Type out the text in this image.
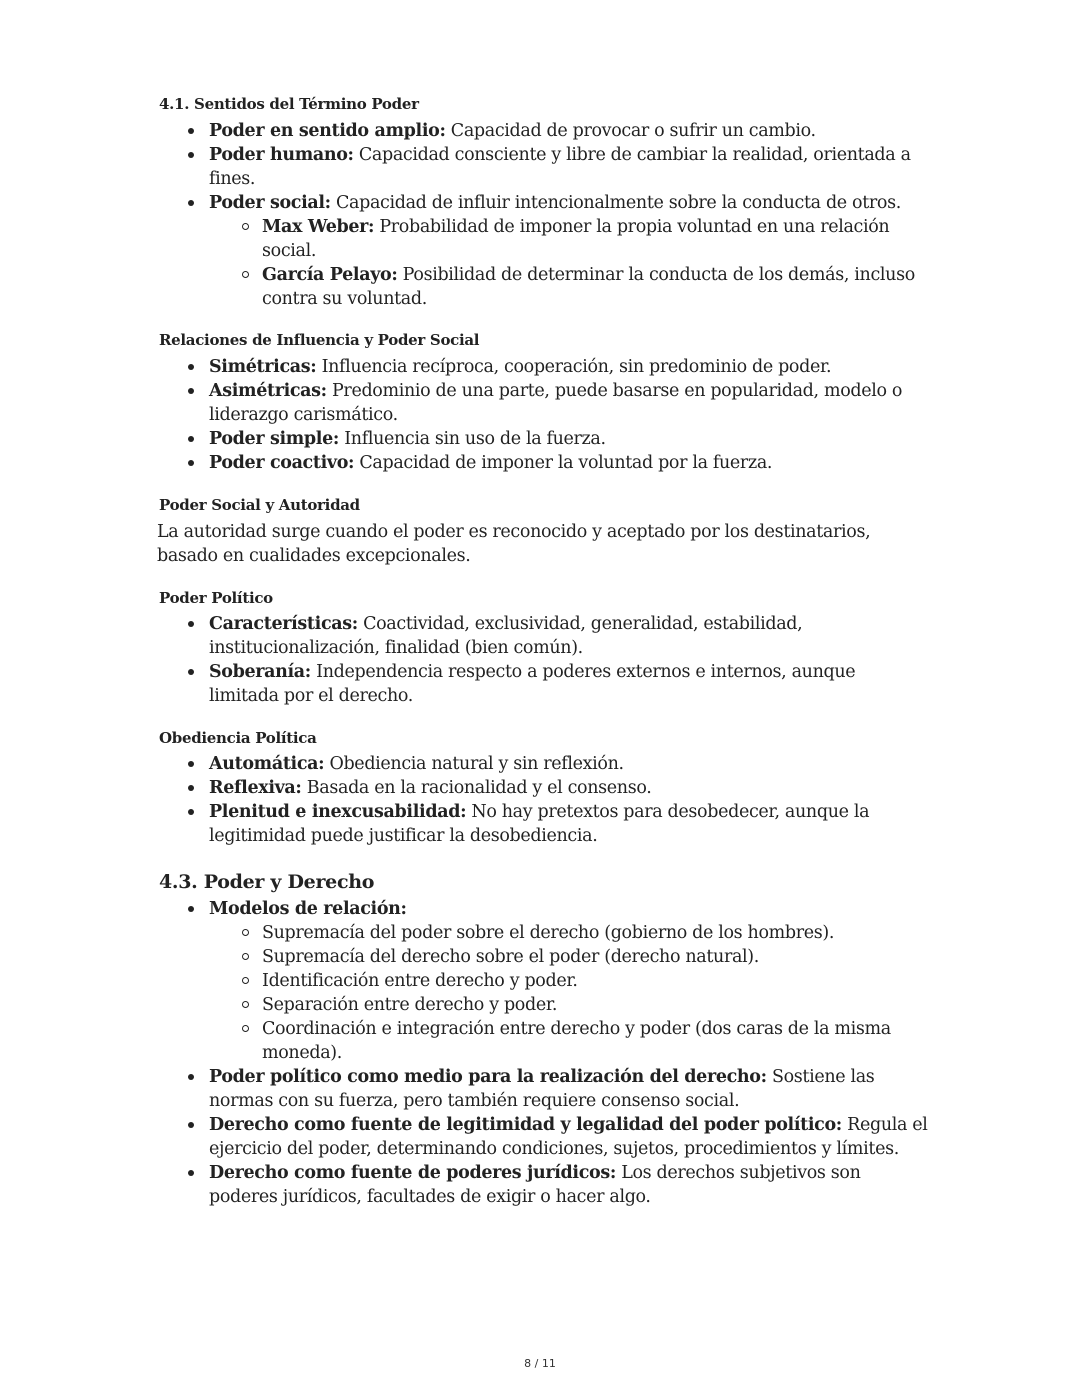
4.1. Sentidos del Término Poder
Poder en sentido amplio: Capacidad de provocar o sufrir un cambio.
Poder humano: Capacidad consciente y libre de cambiar la realidad, orientada a fines.
Poder social: Capacidad de influir intencionalmente sobre la conducta de otros.
Max Weber: Probabilidad de imponer la propia voluntad en una relación social.
García Pelayo: Posibilidad de determinar la conducta de los demás, incluso contra su voluntad.
Relaciones de Influencia y Poder Social
Simétricas: Influencia recíproca, cooperación, sin predominio de poder.
Asimétricas: Predominio de una parte, puede basarse en popularidad, modelo o liderazgo carismático.
Poder simple: Influencia sin uso de la fuerza.
Poder coactivo: Capacidad de imponer la voluntad por la fuerza.
Poder Social y Autoridad
La autoridad surge cuando el poder es reconocido y aceptado por los destinatarios, basado en cualidades excepcionales.
Poder Político
Características: Coactividad, exclusividad, generalidad, estabilidad, institucionalización, finalidad (bien común).
Soberanía: Independencia respecto a poderes externos e internos, aunque limitada por el derecho.
Obediencia Política
Automática: Obediencia natural y sin reflexión.
Reflexiva: Basada en la racionalidad y el consenso.
Plenitud e inexcusabilidad: No hay pretextos para desobedecer, aunque la legitimidad puede justificar la desobediencia.
4.3. Poder y Derecho
Modelos de relación:
Supremacía del poder sobre el derecho (gobierno de los hombres).
Supremacía del derecho sobre el poder (derecho natural).
Identificación entre derecho y poder.
Separación entre derecho y poder.
Coordinación e integración entre derecho y poder (dos caras de la misma moneda).
Poder político como medio para la realización del derecho: Sostiene las normas con su fuerza, pero también requiere consenso social.
Derecho como fuente de legitimidad y legalidad del poder político: Regula el ejercicio del poder, determinando condiciones, sujetos, procedimientos y límites.
Derecho como fuente de poderes jurídicos: Los derechos subjetivos son poderes jurídicos, facultades de exigir o hacer algo.
8 / 11
